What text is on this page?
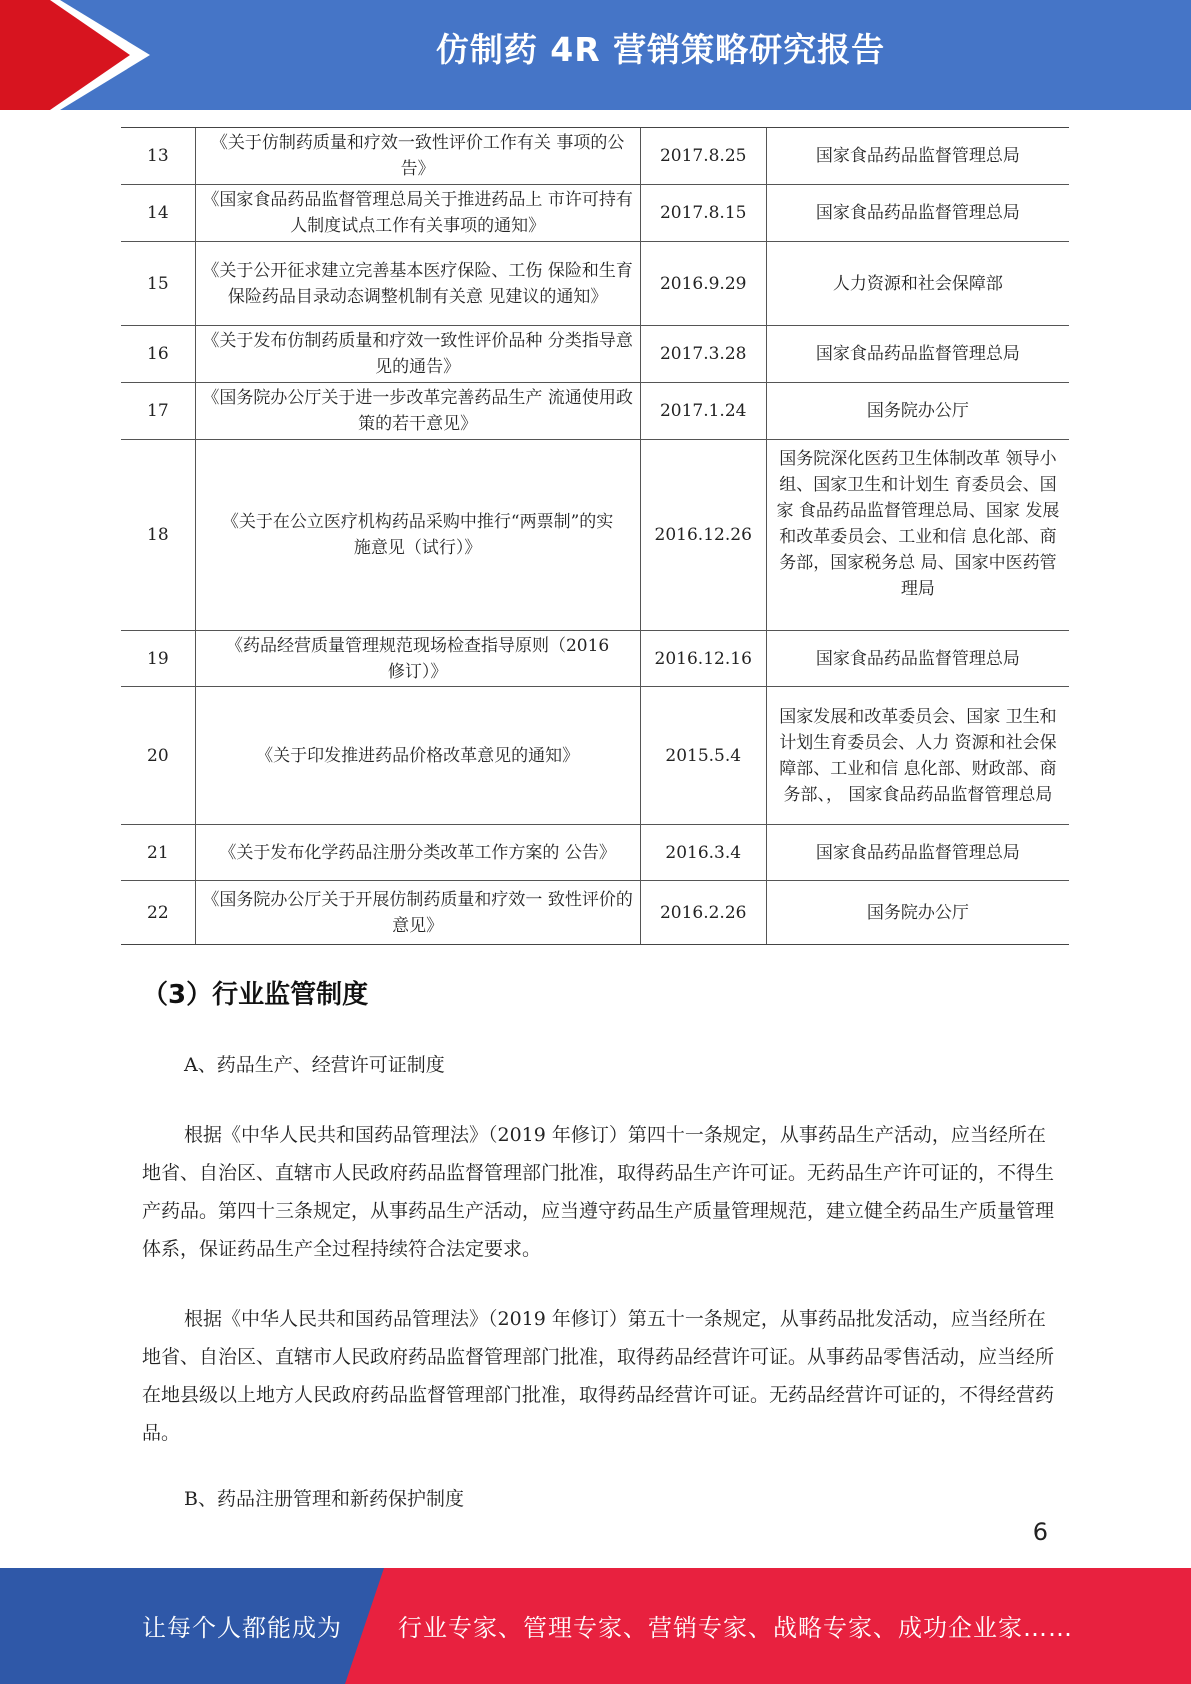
仿制药 4R 营销策略研究报告
13	《关于仿制药质量和疗效一致性评价工作有关 事项的公告》	2017.8.25	国家食品药品监督管理总局
14	《国家食品药品监督管理总局关于推进药品上 市许可持有人制度试点工作有关事项的通知》	2017.8.15	国家食品药品监督管理总局
15	《关于公开征求建立完善基本医疗保险、工伤 保险和生育保险药品目录动态调整机制有关意 见建议的通知》	2016.9.29	人力资源和社会保障部
16	《关于发布仿制药质量和疗效一致性评价品种 分类指导意见的通告》	2017.3.28	国家食品药品监督管理总局
17	《国务院办公厅关于进一步改革完善药品生产 流通使用政策的若干意见》	2017.1.24	国务院办公厅
18	《关于在公立医疗机构药品采购中推行“两票制”的实施意见（试行）》	2016.12.26	国务院深化医药卫生体制改革 领导小组、国家卫生和计划生 育委员会、国家 食品药品监督管理总局、国家 发展和改革委员会、工业和信 息化部、商务部，国家税务总 局、国家中医药管理局
19	《药品经营质量管理规范现场检查指导原则（2016 修订）》	2016.12.16	国家食品药品监督管理总局
20	《关于印发推进药品价格改革意见的通知》	2015.5.4	国家发展和改革委员会、国家 卫生和计划生育委员会、人力 资源和社会保障部、工业和信 息化部、财政部、商务部、， 国家食品药品监督管理总局
21	《关于发布化学药品注册分类改革工作方案的 公告》	2016.3.4	国家食品药品监督管理总局
22	《国务院办公厅关于开展仿制药质量和疗效一 致性评价的意见》	2016.2.26	国务院办公厅
（3）行业监管制度

A、药品生产、经营许可证制度

根据《中华人民共和国药品管理法》（2019 年修订）第四十一条规定，从事药品生产活动，应当经所在地省、自治区、直辖市人民政府药品监督管理部门批准，取得药品生产许可证。无药品生产许可证的，不得生产药品。第四十三条规定，从事药品生产活动，应当遵守药品生产质量管理规范，建立健全药品生产质量管理体系，保证药品生产全过程持续符合法定要求。

根据《中华人民共和国药品管理法》（2019 年修订）第五十一条规定，从事药品批发活动，应当经所在地省、自治区、直辖市人民政府药品监督管理部门批准，取得药品经营许可证。从事药品零售活动，应当经所在地县级以上地方人民政府药品监督管理部门批准，取得药品经营许可证。无药品经营许可证的，不得经营药品。

B、药品注册管理和新药保护制度

6
让每个人都能成为 行业专家、管理专家、营销专家、战略专家、成功企业家……
